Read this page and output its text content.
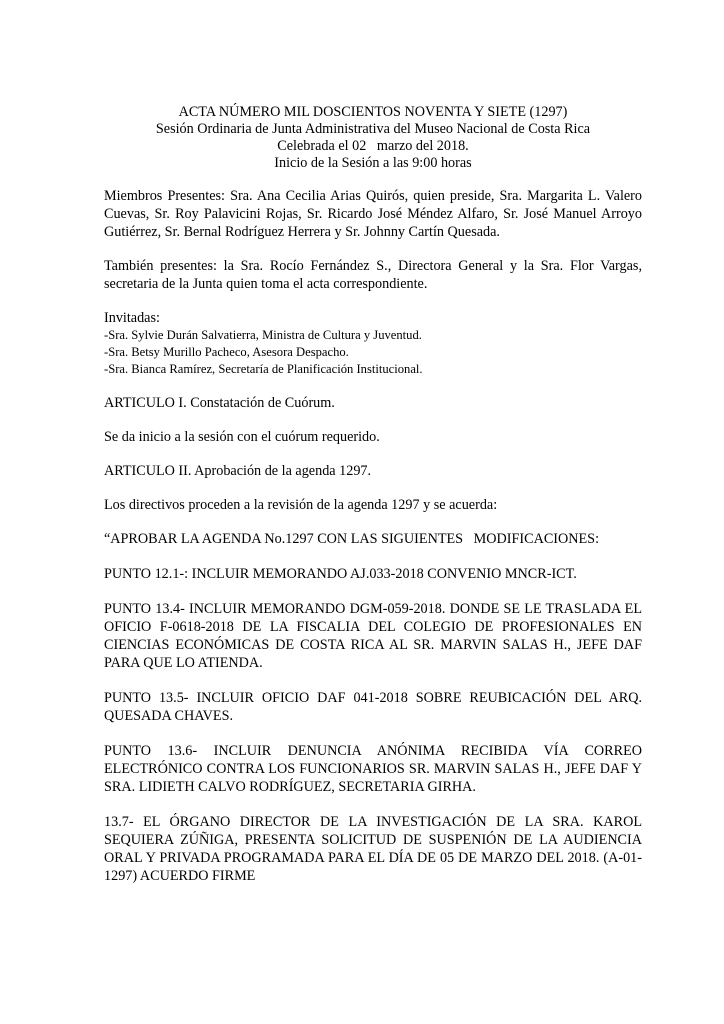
ACTA NÚMERO MIL DOSCIENTOS NOVENTA Y SIETE (1297)
Sesión Ordinaria de Junta Administrativa del Museo Nacional de Costa Rica
Celebrada el 02   marzo del 2018.
Inicio de la Sesión a las 9:00 horas
Miembros Presentes: Sra. Ana Cecilia Arias Quirós, quien preside, Sra. Margarita L. Valero Cuevas, Sr. Roy Palavicini Rojas, Sr. Ricardo José Méndez Alfaro, Sr. José Manuel Arroyo Gutiérrez, Sr. Bernal Rodríguez Herrera y Sr. Johnny Cartín Quesada.
También presentes: la Sra. Rocío Fernández S., Directora General y la Sra. Flor Vargas, secretaria de la Junta quien toma el acta correspondiente.
Invitadas:
-Sra. Sylvie Durán Salvatierra, Ministra de Cultura y Juventud.
-Sra. Betsy Murillo Pacheco, Asesora Despacho.
-Sra. Bianca Ramírez, Secretaría de Planificación Institucional.
ARTICULO I. Constatación de Cuórum.
Se da inicio a la sesión con el cuórum requerido.
ARTICULO II. Aprobación de la agenda 1297.
Los directivos proceden a la revisión de la agenda 1297 y se acuerda:
“APROBAR LA AGENDA No.1297 CON LAS SIGUIENTES   MODIFICACIONES:
PUNTO 12.1-: INCLUIR MEMORANDO AJ.033-2018 CONVENIO MNCR-ICT.
PUNTO 13.4- INCLUIR MEMORANDO DGM-059-2018. DONDE SE LE TRASLADA EL OFICIO F-0618-2018 DE LA FISCALIA DEL COLEGIO DE PROFESIONALES EN CIENCIAS ECONÓMICAS DE COSTA RICA AL SR. MARVIN SALAS H., JEFE DAF PARA QUE LO ATIENDA.
PUNTO 13.5- INCLUIR OFICIO DAF 041-2018 SOBRE REUBICACIÓN DEL ARQ. QUESADA CHAVES.
PUNTO 13.6- INCLUIR DENUNCIA ANÓNIMA RECIBIDA VÍA CORREO ELECTRÓNICO CONTRA LOS FUNCIONARIOS SR. MARVIN SALAS H., JEFE DAF Y SRA. LIDIETH CALVO RODRÍGUEZ, SECRETARIA GIRHA.
13.7- EL ÓRGANO DIRECTOR DE LA INVESTIGACIÓN DE LA SRA. KAROL SEQUIERA ZÚÑIGA, PRESENTA SOLICITUD DE SUSPENIÓN DE LA AUDIENCIA ORAL Y PRIVADA PROGRAMADA PARA EL DÍA DE 05 DE MARZO DEL 2018. (A-01-1297) ACUERDO FIRME
